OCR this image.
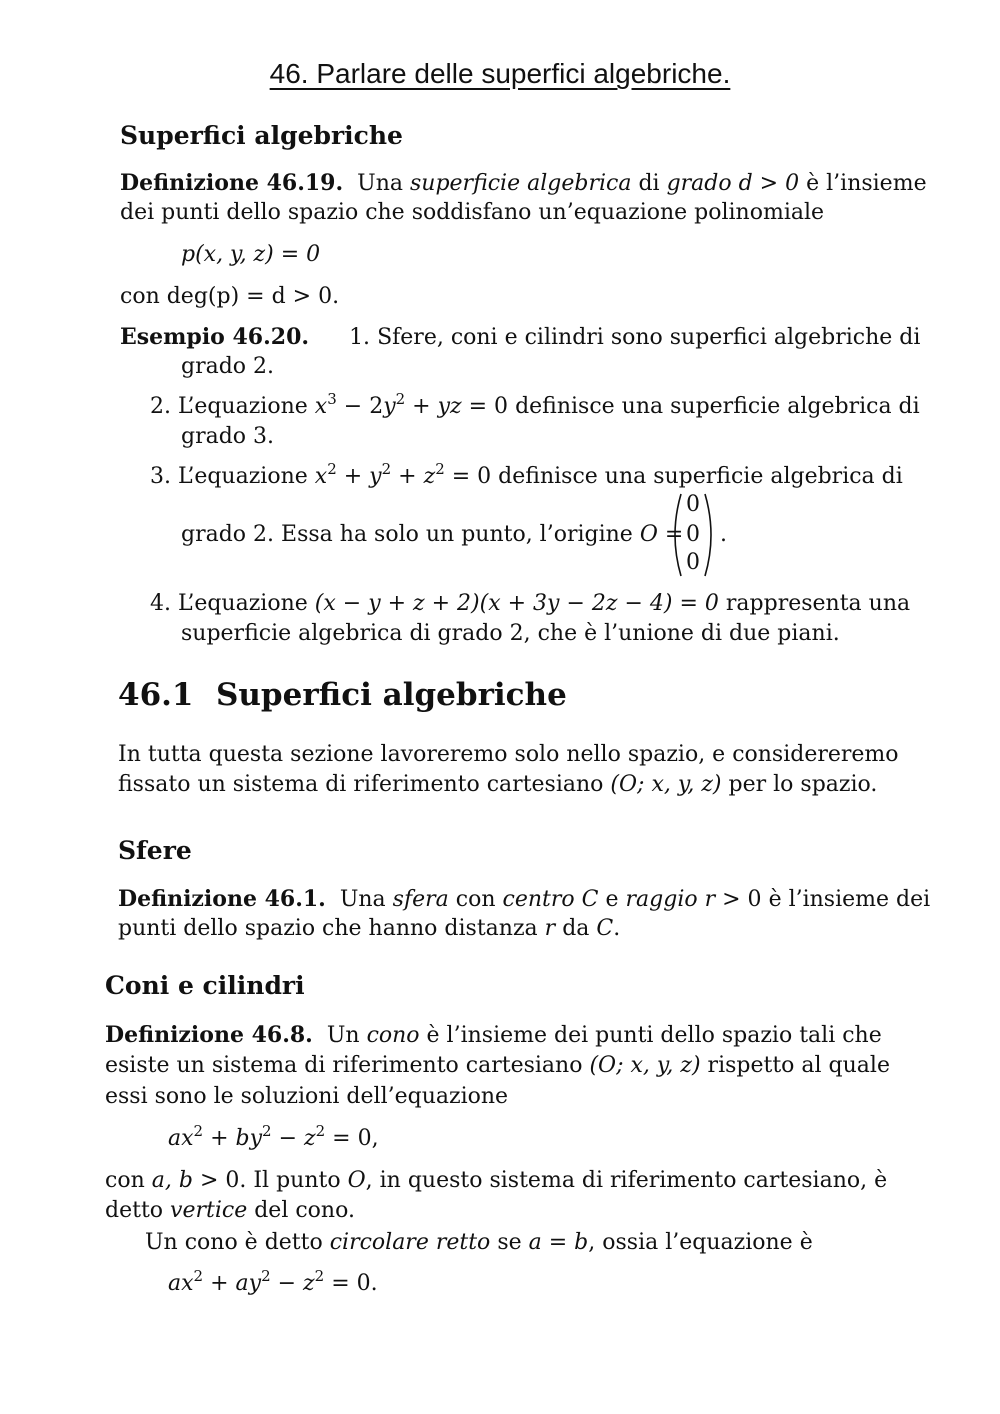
46. Parlare delle superfici algebriche.
Superfici algebriche
Definizione 46.19. Una superficie algebrica di grado d > 0 è l’insieme
dei punti dello spazio che soddisfano un’equazione polinomiale
p(x, y, z) = 0
con deg(p) = d > 0.
Esempio 46.20. 1. Sfere, coni e cilindri sono superfici algebriche di
grado 2.
2. L’equazione $x^3 - 2y^2$ + yz = 0 definisce una superficie algebrica di
grado 3.
3. L’equazione $x^2 + y^2 + z^2 = 0$ definisce una superficie algebrica di
grado 2. Essa ha solo un punto, l’origine O =
0
0
0
.
4. L’equazione (x − y + z + 2)(x + 3y − 2z − 4) = 0 rappresenta una
superficie algebrica di grado 2, che è l’unione di due piani.
46.1 Superfici algebriche
In tutta questa sezione lavoreremo solo nello spazio, e considereremo
fissato un sistema di riferimento cartesiano (O; x, y, z) per lo spazio.
Sfere
Definizione 46.1. Una sfera con centro C e raggio r > 0 è l’insieme dei
punti dello spazio che hanno distanza r da C.
Coni e cilindri
Definizione 46.8. Un cono è l’insieme dei punti dello spazio tali che
esiste un sistema di riferimento cartesiano (O; x, y, z) rispetto al quale
essi sono le soluzioni dell’equazione
$ax^2 + by^2 - z^2 = 0$,
con a, b > 0. Il punto O, in questo sistema di riferimento cartesiano, è
detto vertice del cono.
Un cono è detto circolare retto se a = b, ossia l’equazione è
$ax^2 + ay^2 - z^2 = 0$.
